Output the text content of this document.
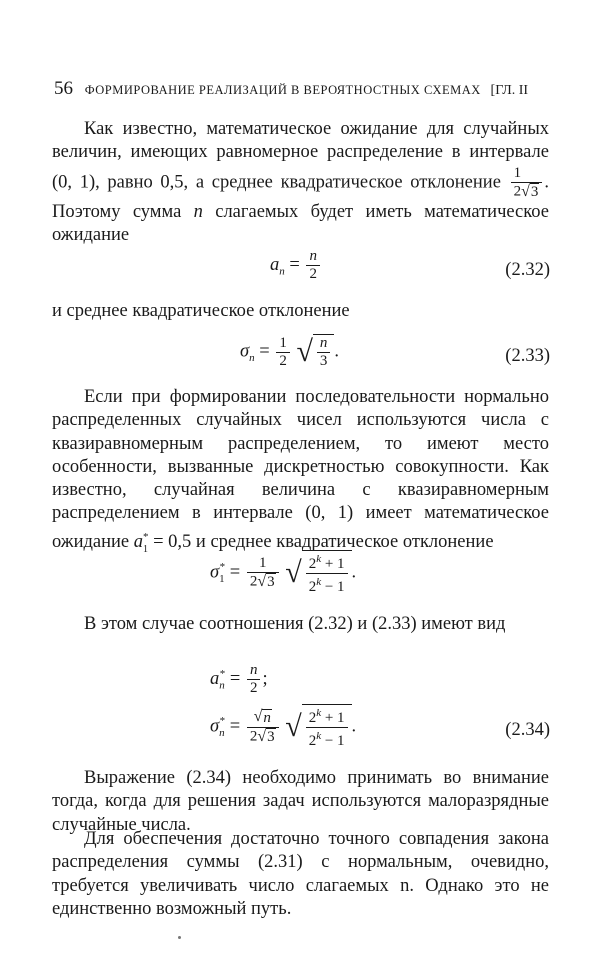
56 ФОРМИРОВАНИЕ РЕАЛИЗАЦИЙ В ВЕРОЯТНОСТНЫХ СХЕМАХ [ГЛ. II
Как известно, математическое ожидание для случайных величин, имеющих равномерное распределение в интервале (0, 1), равно 0,5, а среднее квадратическое отклонение $\frac{1}{2√3}$ . Поэтому сумма n слагаемых будет иметь математическое ожидание
$a_n = \frac{n}{2}$	(2.32)
и среднее квадратическое отклонение
$\sigma_n = \frac{1}{2}$ √ $\frac{n}{3}$ .	(2.33)
Если при формировании последовательности нормально распределенных случайных чисел используются числа с квазиравномерным распределением, то имеют место особенности, вызванные дискретностью совокупности. Как известно, случайная величина с квазиравномерным распределением в интервале (0, 1) имеет математическое ожидание $a_1^* = 0,5$ и среднее квадратическое отклонение
$\sigma_1^* = \frac{1}{2√3}$ √ $\frac{2^k + 1}{2^k - 1}$ .
В этом случае соотношения (2.32) и (2.33) имеют вид
$a_n^* = \frac{n}{2}$ ;
$\sigma_n^* = \frac{√n}{2√3}$ √ $\frac{2^k + 1}{2^k - 1}$ .	(2.34)
Выражение (2.34) необходимо принимать во внимание тогда, когда для решения задач используются малоразрядные случайные числа.
Для обеспечения достаточно точного совпадения закона распределения суммы (2.31) с нормальным, очевидно, требуется увеличивать число слагаемых n. Однако это не единственно возможный путь.
